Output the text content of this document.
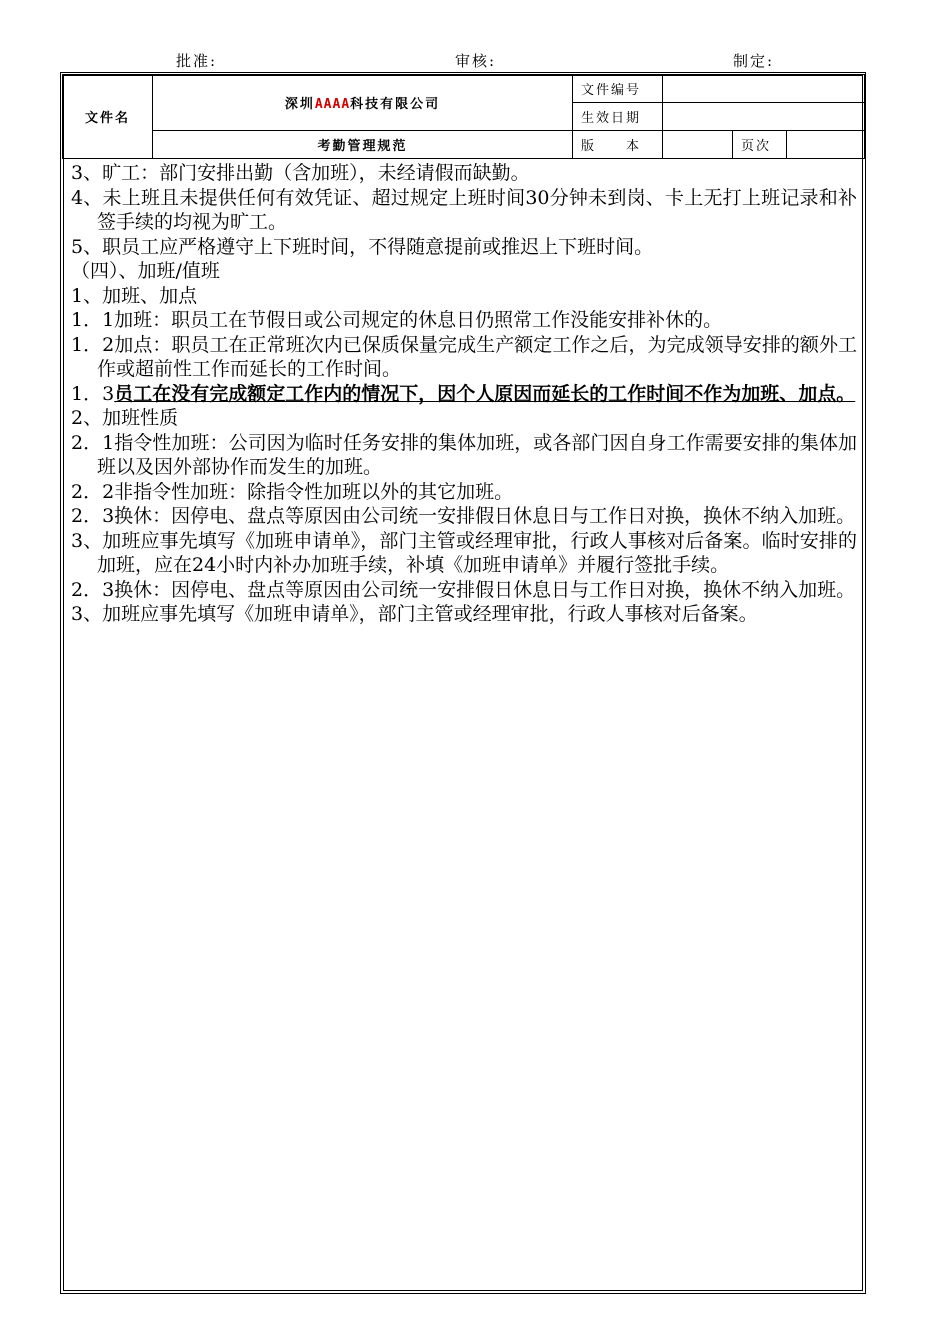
批准:	审核:	制定:
文件名	深圳AAAA科技有限公司	文件编号			
		生效日期			
	考勤管理规范	版　　本		页次	

3、旷工：部门安排出勤（含加班），未经请假而缺勤。

4、未上班且未提供任何有效凭证、超过规定上班时间30分钟未到岗、卡上无打上班记录和补签手续的均视为旷工。

5、职员工应严格遵守上下班时间，不得随意提前或推迟上下班时间。

（四）、加班/值班

1、加班、加点

1．1加班：职员工在节假日或公司规定的休息日仍照常工作没能安排补休的。

1．2加点：职员工在正常班次内已保质保量完成生产额定工作之后，为完成领导安排的额外工作或超前性工作而延长的工作时间。

1．3员工在没有完成额定工作内的情况下，因个人原因而延长的工作时间不作为加班、加点。

2、加班性质

2．1指令性加班：公司因为临时任务安排的集体加班，或各部门因自身工作需要安排的集体加班以及因外部协作而发生的加班。

2．2非指令性加班：除指令性加班以外的其它加班。

2．3换休：因停电、盘点等原因由公司统一安排假日休息日与工作日对换，换休不纳入加班。

3、加班应事先填写《加班申请单》，部门主管或经理审批，行政人事核对后备案。临时安排的加班，应在24小时内补办加班手续，补填《加班申请单》并履行签批手续。

2．3换休：因停电、盘点等原因由公司统一安排假日休息日与工作日对换，换休不纳入加班。

3、加班应事先填写《加班申请单》，部门主管或经理审批，行政人事核对后备案。
